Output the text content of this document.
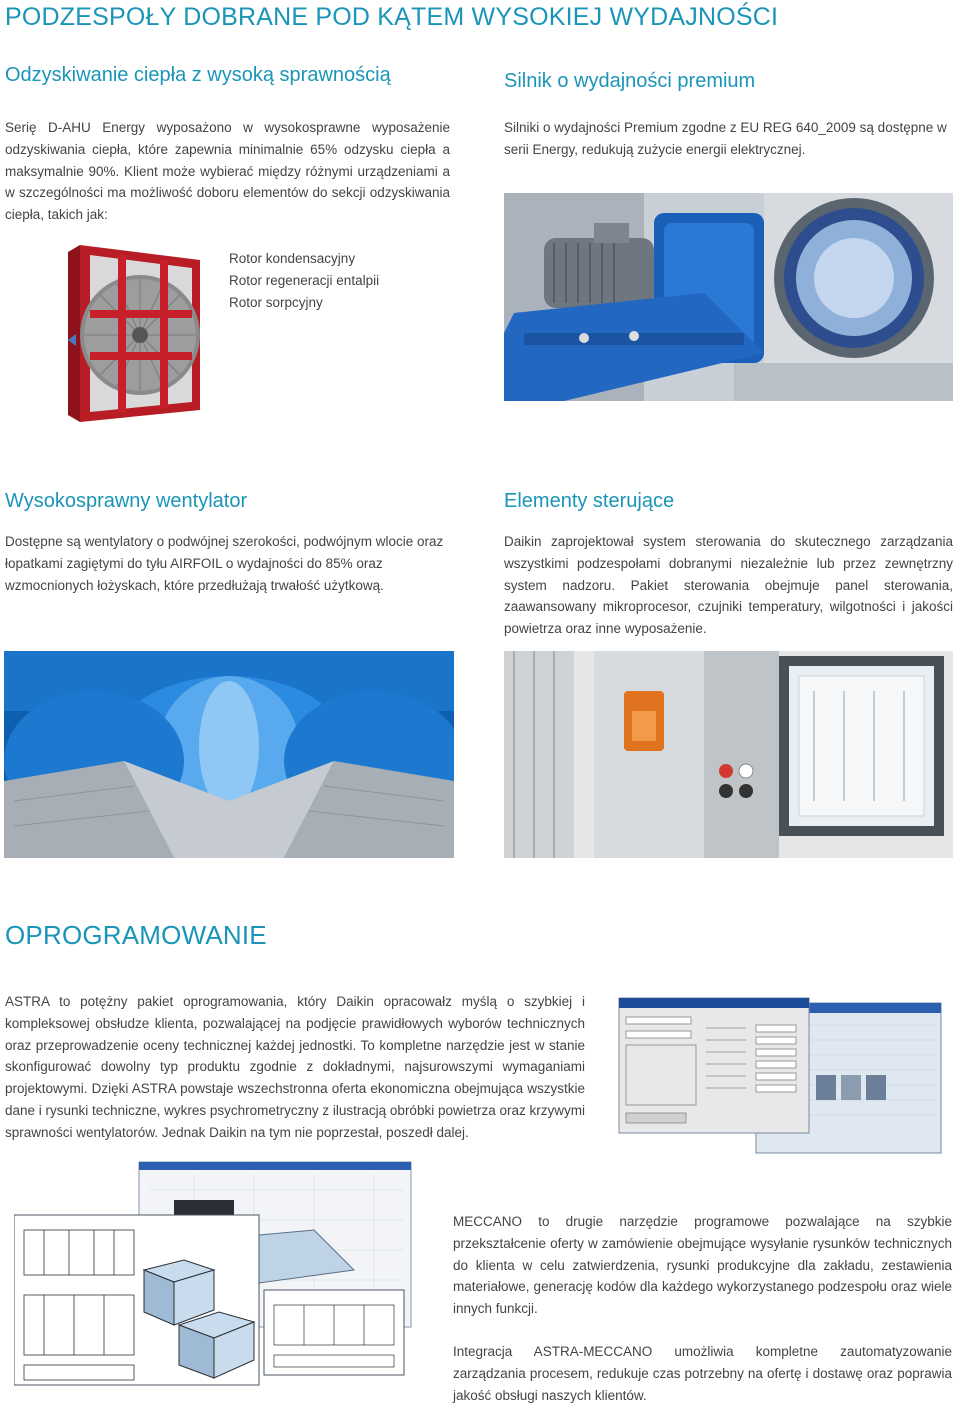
PODZESPOŁY DOBRANE POD KĄTEM WYSOKIEJ WYDAJNOŚCI
Odzyskiwanie ciepła z wysoką sprawnością

Serię D-AHU Energy wyposażono w wysokosprawne wyposażenie odzyskiwania ciepła, które zapewnia minimalnie 65% odzysku ciepła a maksymalnie 90%. Klient może wybierać między różnymi urządzeniami a w szczególności ma możliwość doboru elementów do sekcji odzyskiwania ciepła, takich jak:

Rotor kondensacyjny
Rotor regeneracji entalpii
Rotor sorpcyjny
Silnik o wydajności premium

Silniki o wydajności Premium zgodne z EU REG 640_2009 są dostępne w serii Energy, redukują zużycie energii elektrycznej.

Wysokosprawny wentylator

Dostępne są wentylatory o podwójnej szerokości, podwójnym wlocie oraz łopatkami zagiętymi do tyłu AIRFOIL o wydajności do 85% oraz wzmocnionych łożyskach, które przedłużają trwałość użytkową.

Elementy sterujące

Daikin zaprojektował system sterowania do skutecznego zarządzania wszystkimi podzespołami dobranymi niezależnie lub przez zewnętrzny system nadzoru. Pakiet sterowania obejmuje panel sterowania, zaawansowany mikroprocesor, czujniki temperatury, wilgotności i jakości powietrza oraz inne wyposażenie.

OPROGRAMOWANIE

ASTRA to potężny pakiet oprogramowania, który Daikin opracowałz myślą o szybkiej i kompleksowej obsłudze klienta, pozwalającej na podjęcie prawidłowych wyborów technicznych oraz przeprowadzenie oceny technicznej każdej jednostki. To kompletne narzędzie jest w stanie skonfigurować dowolny typ produktu zgodnie z dokładnymi, najsurowszymi wymaganiami projektowymi. Dzięki ASTRA powstaje wszechstronna oferta ekonomiczna obejmująca wszystkie dane i rysunki techniczne, wykres psychrometryczny z ilustracją obróbki powietrza oraz krzywymi sprawności wentylatorów. Jednak Daikin na tym nie poprzestał, poszedł dalej.

MECCANO to drugie narzędzie programowe pozwalające na szybkie przekształcenie oferty w zamówienie obejmujące wysyłanie rysunków technicznych do klienta w celu zatwierdzenia, rysunki produkcyjne dla zakładu, zestawienia materiałowe, generację kodów dla każdego wykorzystanego podzespołu oraz wiele innych funkcji.

Integracja ASTRA-MECCANO umożliwia kompletne zautomatyzowanie zarządzania procesem, redukuje czas potrzebny na ofertę i dostawę oraz poprawia jakość obsługi naszych klientów.
